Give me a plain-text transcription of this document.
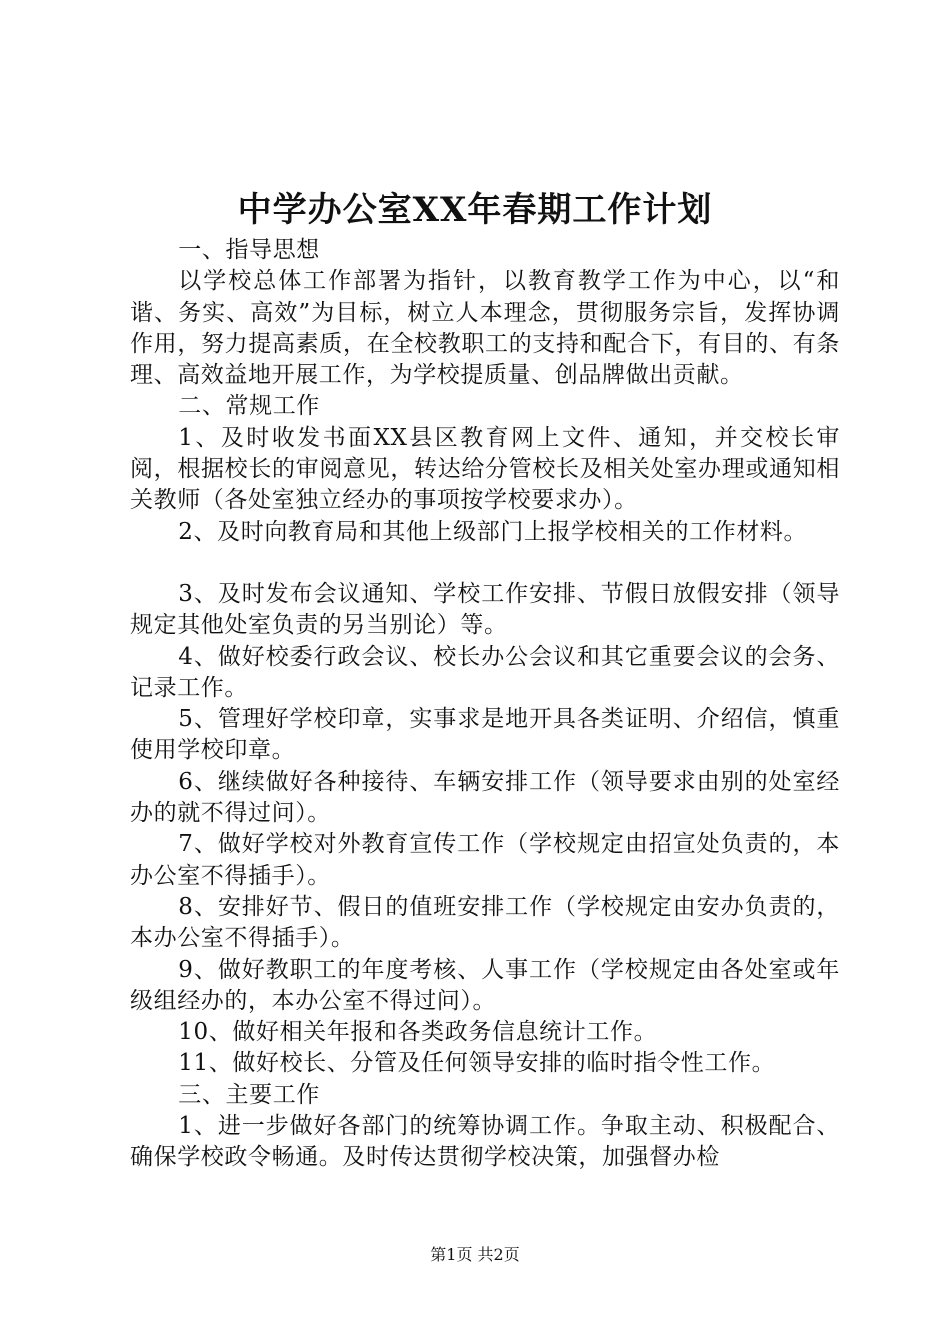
中学办公室XX年春期工作计划

一、指导思想

以学校总体工作部署为指针，以教育教学工作为中心，以“和谐、务实、高效”为目标，树立人本理念，贯彻服务宗旨，发挥协调作用，努力提高素质，在全校教职工的支持和配合下，有目的、有条理、高效益地开展工作，为学校提质量、创品牌做出贡献。

二、常规工作

1、及时收发书面XX县区教育网上文件、通知，并交校长审阅，根据校长的审阅意见，转达给分管校长及相关处室办理或通知相关教师（各处室独立经办的事项按学校要求办）。

2、及时向教育局和其他上级部门上报学校相关的工作材料。

3、及时发布会议通知、学校工作安排、节假日放假安排（领导规定其他处室负责的另当别论）等。

4、做好校委行政会议、校长办公会议和其它重要会议的会务、记录工作。

5、管理好学校印章，实事求是地开具各类证明、介绍信，慎重使用学校印章。

6、继续做好各种接待、车辆安排工作（领导要求由别的处室经办的就不得过问）。

7、做好学校对外教育宣传工作（学校规定由招宣处负责的，本办公室不得插手）。

8、安排好节、假日的值班安排工作（学校规定由安办负责的，本办公室不得插手）。

9、做好教职工的年度考核、人事工作（学校规定由各处室或年级组经办的，本办公室不得过问）。

10、做好相关年报和各类政务信息统计工作。

11、做好校长、分管及任何领导安排的临时指令性工作。

三、主要工作

1、进一步做好各部门的统筹协调工作。争取主动、积极配合、确保学校政令畅通。及时传达贯彻学校决策，加强督办检

第1页 共2页
